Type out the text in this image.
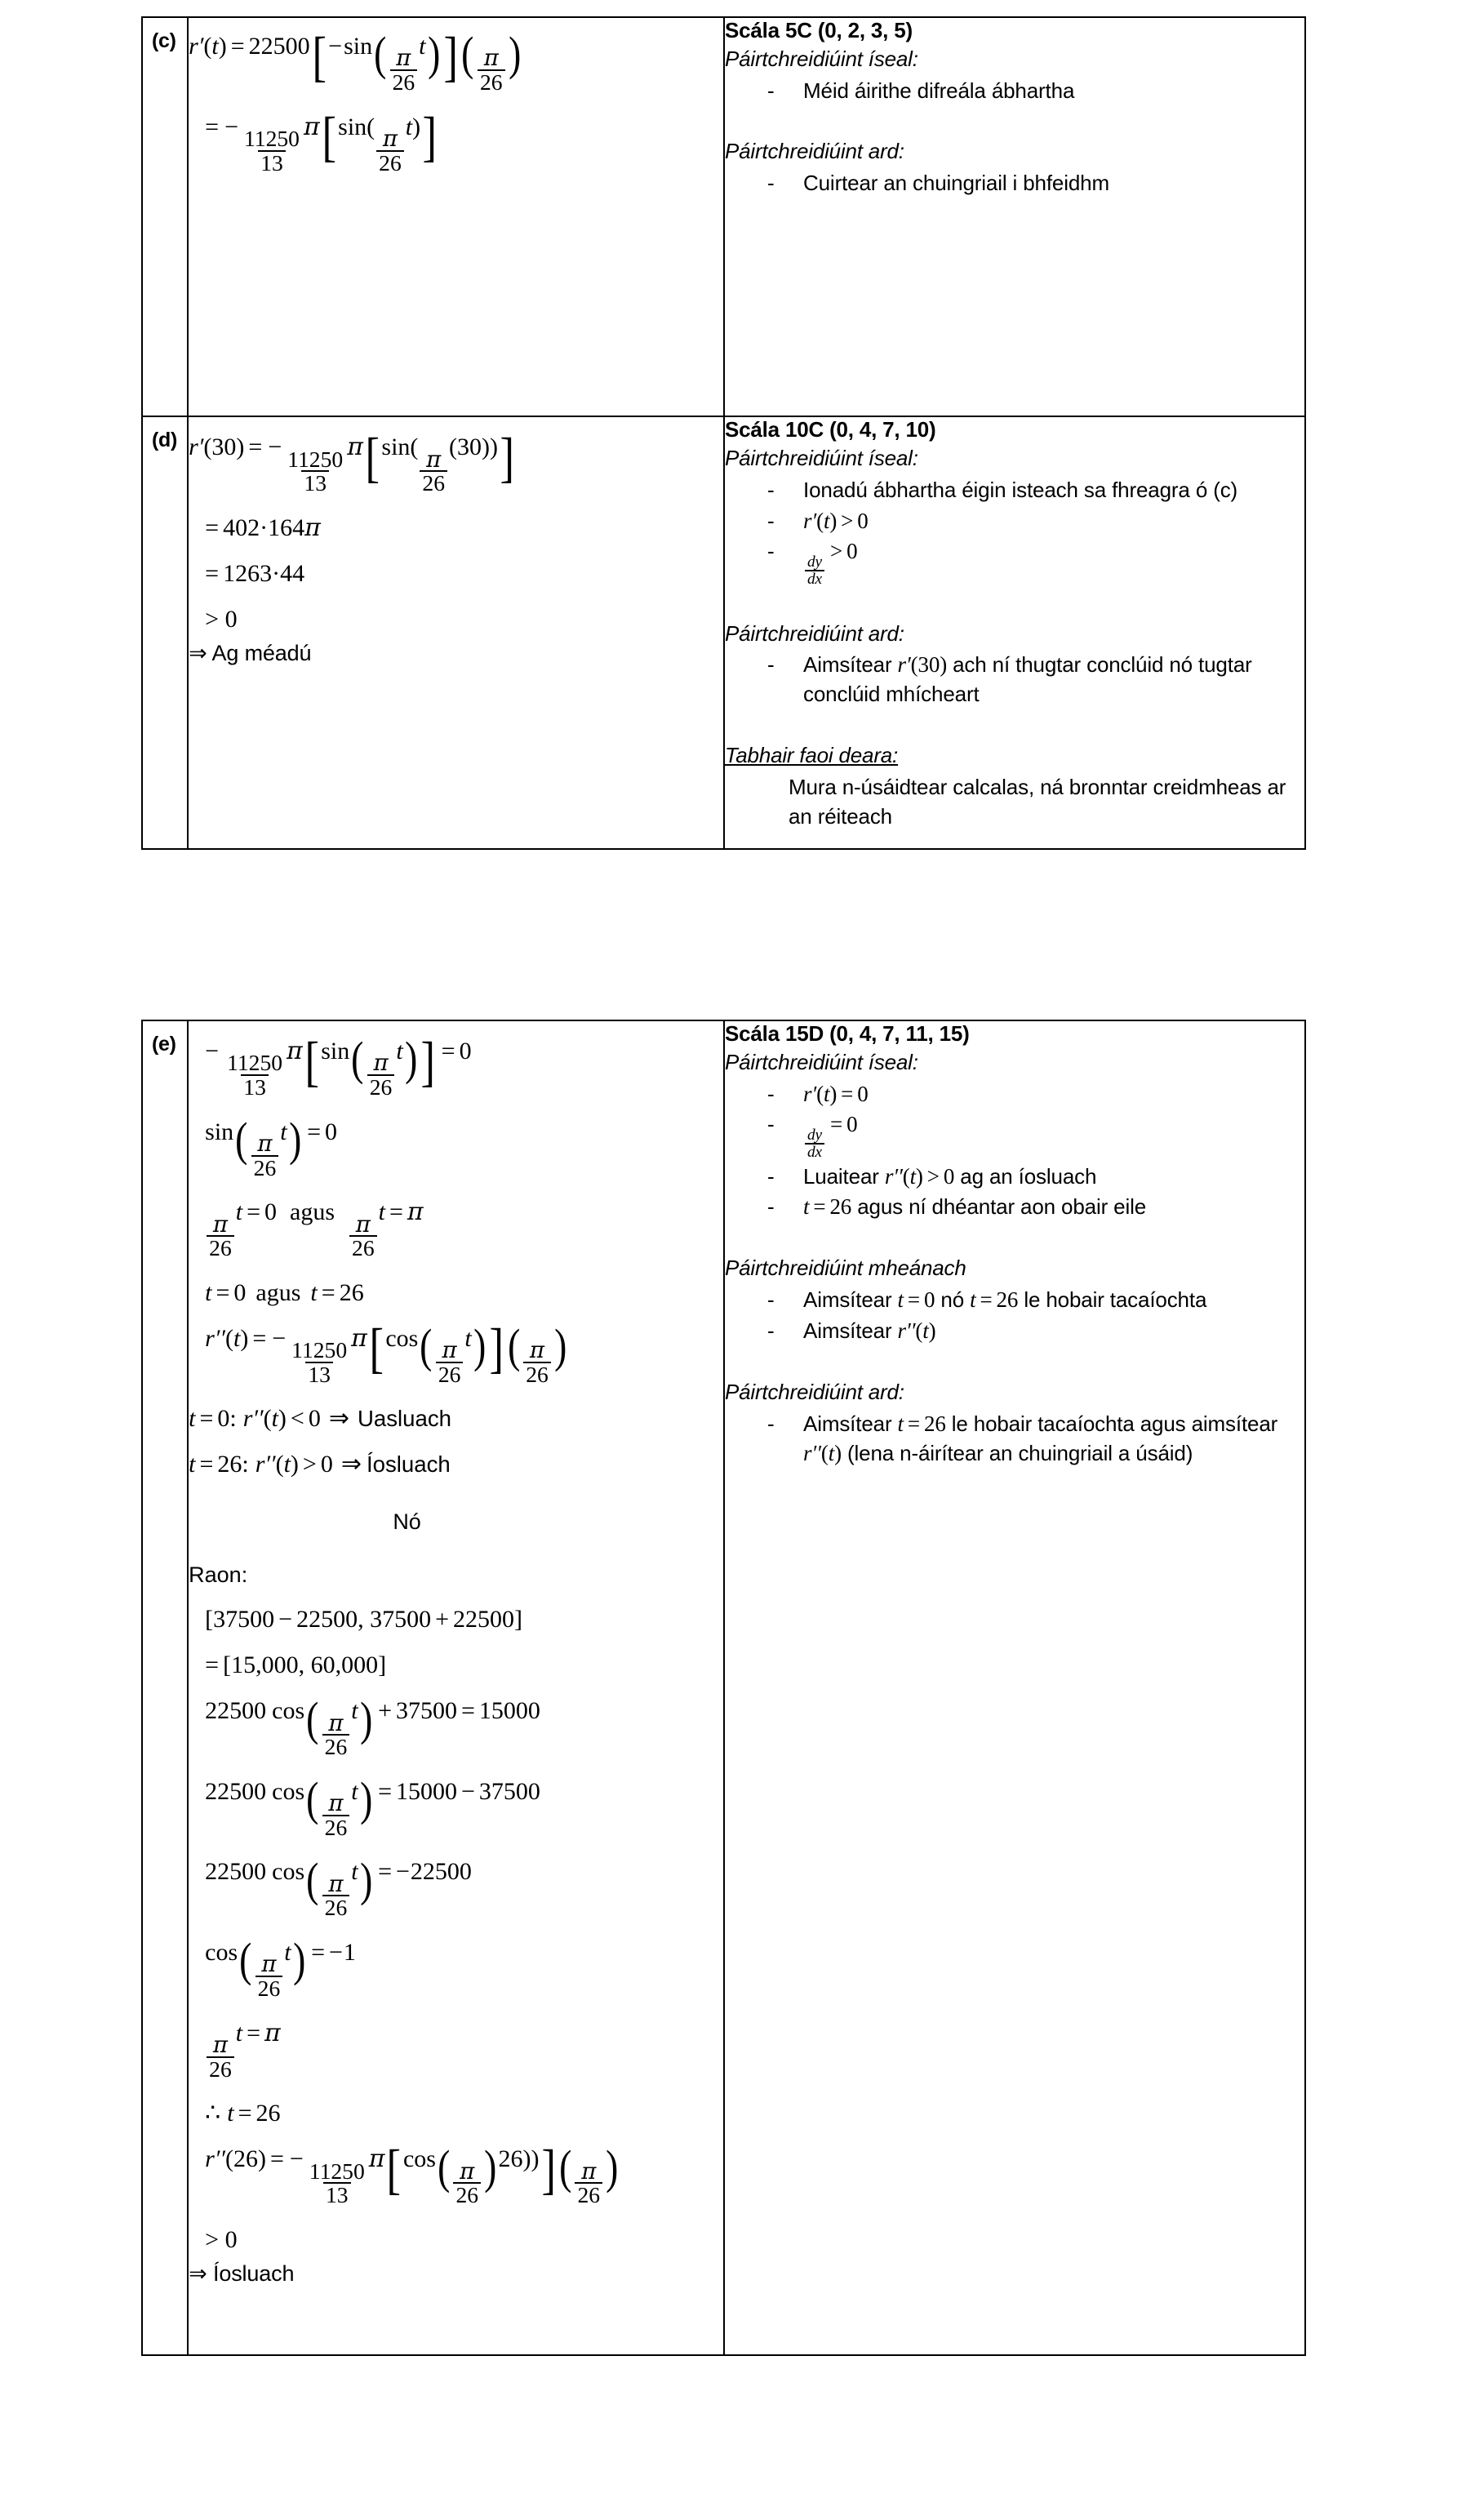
(c)	$r'(t) = 22500[-\sin( \frac{\pi}{26}$
$t)]( \frac{\pi}{26}$ )
= −
$\frac{11250}{13}$
π[sin(
$\frac{\pi}{26}$
t)]

Scála 5C (0, 2, 3, 5)
Páirtchreidiúint íseal:
- Méid áirithe difreála ábhartha
Páirtchreidiúint ard:
- Cuirtear an chuingriail i bhfeidhm

(d)	r′(30) = −
$\frac{11250}{13}$
π[sin(
$\frac{\pi}{26}$
(30))]
= 402·164π
= 1263·44
> 0
⇒ Ag méadú

Scála 10C (0, 4, 7, 10)
Páirtchreidiúint íseal:
- Ionadú ábhartha éigin isteach sa fhreagra ó (c)
- r′(t) > 0
- $\frac{dy}{dx}$
> 0
Páirtchreidiúint ard:
- Aimsítear r′(30) ach ní thugtar conclúid nó tugtar conclúid mhícheart
Tabhair faoi deara:

Mura n-úsáidtear calcalas, ná bronntar creidmheas ar an réiteach

(e)	−
$\frac{11250}{13}$
$\pi[\sin( \frac{\pi}{26}$
t)] = 0
$\sin( \frac{\pi}{26}$
t) = 0
$\frac{\pi}{26}$
t = 0 agus
$\frac{\pi}{26}$
t = π
t = 0 agus t = 26
r′′(t) = −
$\frac{11250}{13}$
$\pi[\cos( \frac{\pi}{26}$
$t)]( \frac{\pi}{26}$ )
t = 0: r′′(t) < 0 ⇒ Uasluach
t = 26: r′′(t) > 0 ⇒ Íosluach
Nó
Raon:
[37500 − 22500, 37500 + 22500]
= [15,000, 60,000]
22500 $\cos( \frac{\pi}{26}$
t) + 37500 = 15000
22500 $\cos( \frac{\pi}{26}$
t) = 15000 − 37500
22500 $\cos( \frac{\pi}{26}$
t) = −22500
$\cos( \frac{\pi}{26}$
t) = −1
$\frac{\pi}{26}$
t = π
∴ t = 26
r′′(26) = −
$\frac{11250}{13}$
$\pi[\cos( \frac{\pi}{26} )26))]( \frac{\pi}{26}$ )
> 0
⇒ Íosluach

Scála 15D (0, 4, 7, 11, 15)
Páirtchreidiúint íseal:
- r′(t) = 0
- $\frac{dy}{dx}$
= 0
- Luaitear r′′(t) > 0 ag an íosluach
- t = 26 agus ní dhéantar aon obair eile
Páirtchreidiúint mheánach
- Aimsítear t = 0 nó t = 26 le hobair tacaíochta
- Aimsítear r′′(t)
Páirtchreidiúint ard:
- Aimsítear t = 26 le hobair tacaíochta agus aimsítear r′′(t) (lena n-áirítear an chuingriail a úsáid)
